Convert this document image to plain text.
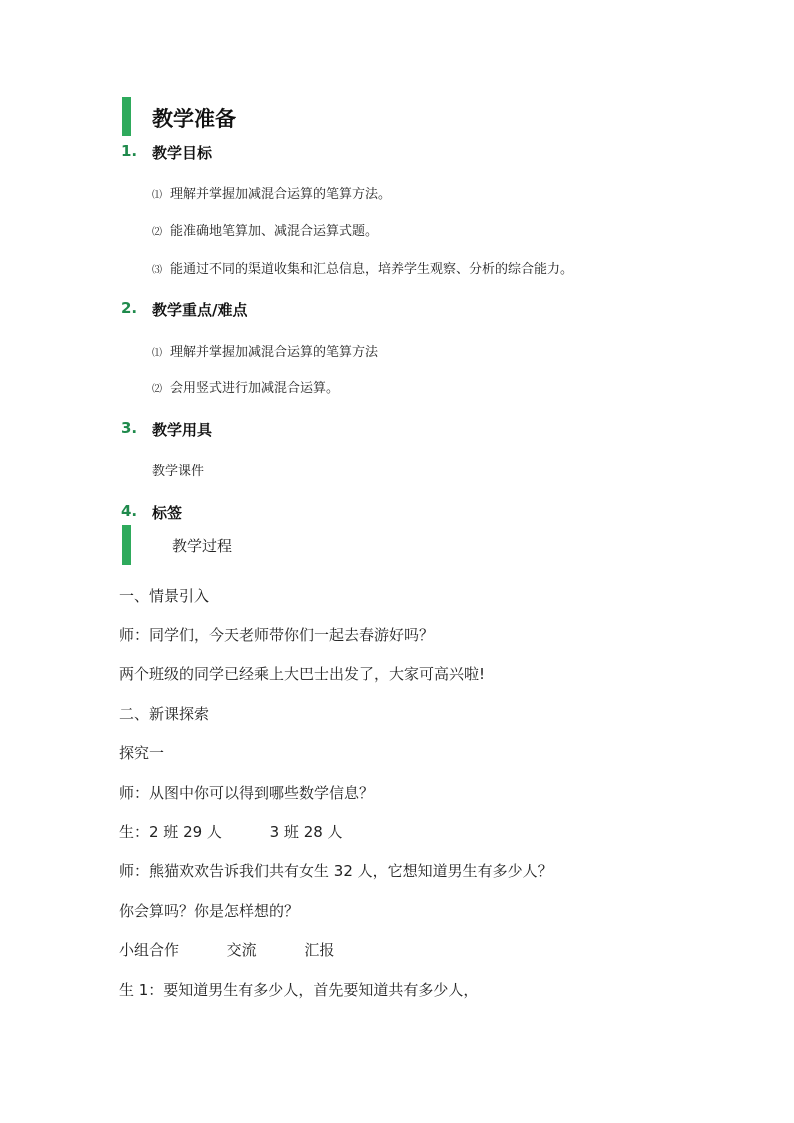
教学准备
1. 教学目标
⑴ 理解并掌握加减混合运算的笔算方法。
⑵ 能准确地笔算加、减混合运算式题。
⑶ 能通过不同的渠道收集和汇总信息，培养学生观察、分析的综合能力。
2. 教学重点/难点
⑴ 理解并掌握加减混合运算的笔算方法
⑵ 会用竖式进行加减混合运算。
3. 教学用具
教学课件
4. 标签
教学过程
一、情景引入
师：同学们，今天老师带你们一起去春游好吗？
两个班级的同学已经乘上大巴士出发了，大家可高兴啦!
二、新课探索
探究一
师：从图中你可以得到哪些数学信息？
生：2 班 29 人          3 班 28 人
师：熊猫欢欢告诉我们共有女生 32 人，它想知道男生有多少人？
你会算吗？你是怎样想的？
小组合作          交流          汇报
生 1：要知道男生有多少人，首先要知道共有多少人，
